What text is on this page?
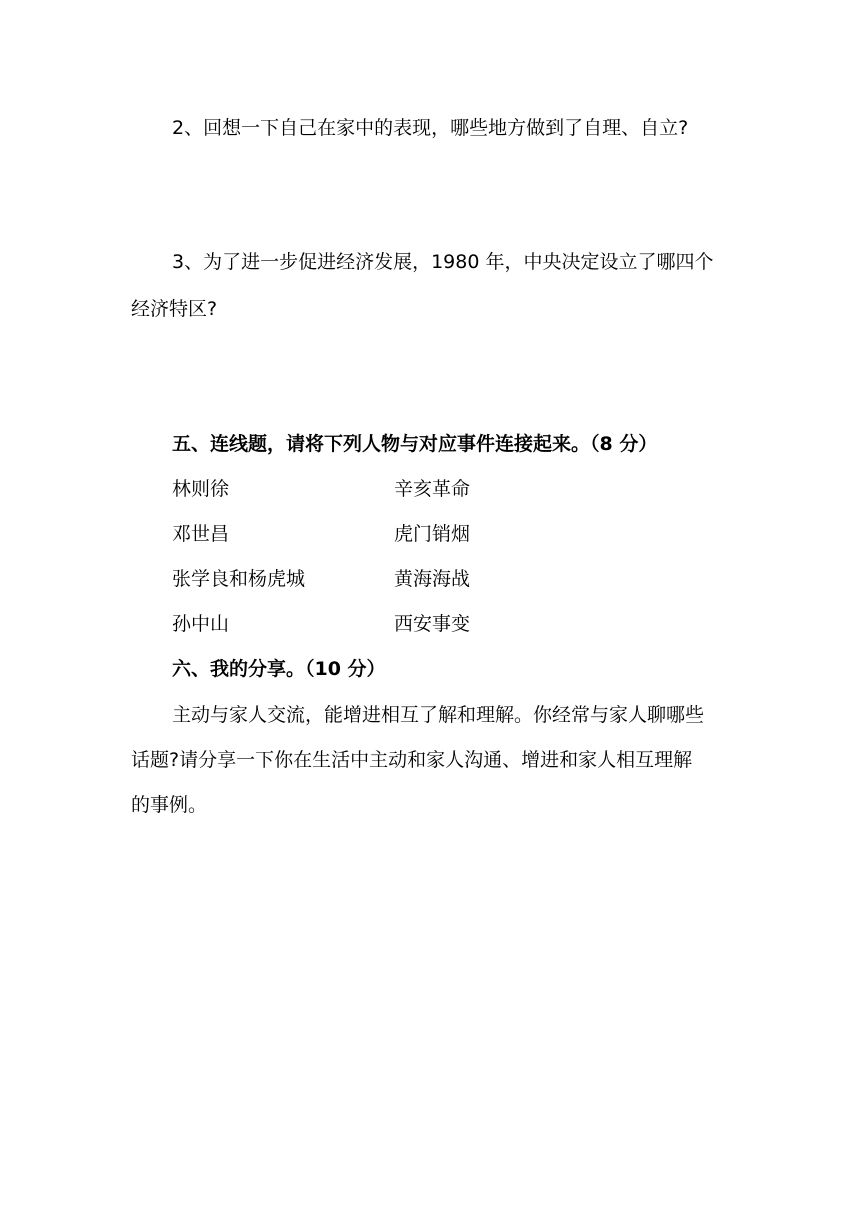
2、回想一下自己在家中的表现，哪些地方做到了自理、自立?
3、为了进一步促进经济发展，1980 年，中央决定设立了哪四个
经济特区?
五、连线题，请将下列人物与对应事件连接起来。（8 分）
林则徐	辛亥革命
邓世昌	虎门销烟
张学良和杨虎城	黄海海战
孙中山	西安事变
六、我的分享。（10 分）
主动与家人交流，能增进相互了解和理解。你经常与家人聊哪些
话题?请分享一下你在生活中主动和家人沟通、增进和家人相互理解
的事例。
